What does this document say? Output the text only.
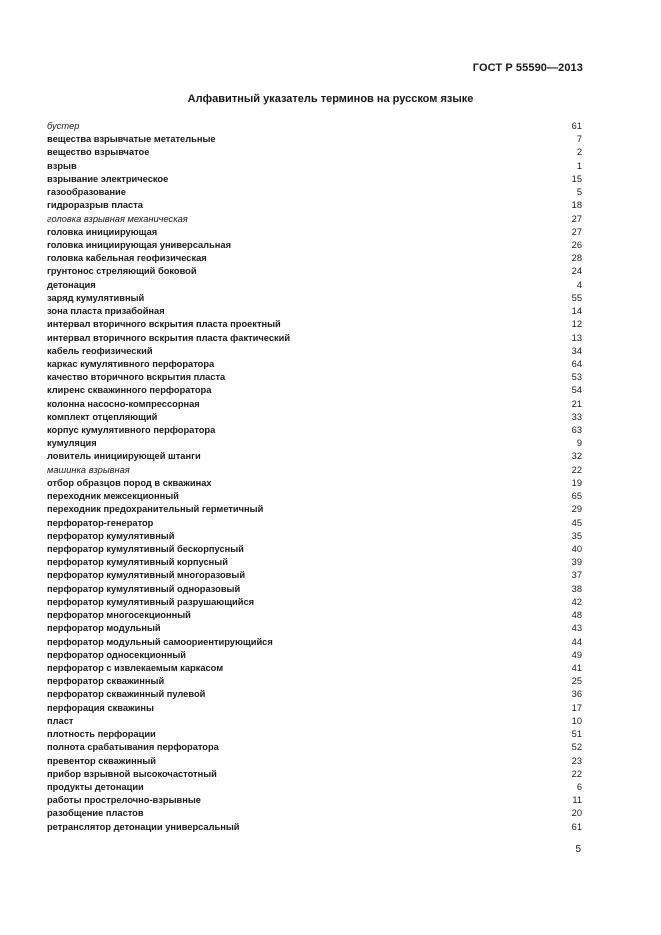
ГОСТ Р 55590—2013
Алфавитный указатель терминов на русском языке
бустер	61
вещества взрывчатые метательные	7
вещество взрывчатое	2
взрыв	1
взрывание электрическое	15
газообразование	5
гидроразрыв пласта	18
головка взрывная механическая	27
головка инициирующая	27
головка инициирующая универсальная	26
головка кабельная геофизическая	28
грунтонос стреляющий боковой	24
детонация	4
заряд кумулятивный	55
зона пласта призабойная	14
интервал вторичного вскрытия пласта проектный	12
интервал вторичного вскрытия пласта фактический	13
кабель геофизический	34
каркас кумулятивного перфоратора	64
качество вторичного вскрытия пласта	53
клиренс скважинного перфоратора	54
колонна насосно-компрессорная	21
комплект отцепляющий	33
корпус кумулятивного перфоратора	63
кумуляция	9
ловитель инициирующей штанги	32
машинка взрывная	22
отбор образцов пород в скважинах	19
переходник межсекционный	65
переходник предохранительный герметичный	29
перфоратор-генератор	45
перфоратор кумулятивный	35
перфоратор кумулятивный бескорпусный	40
перфоратор кумулятивный корпусный	39
перфоратор кумулятивный многоразовый	37
перфоратор кумулятивный одноразовый	38
перфоратор кумулятивный разрушающийся	42
перфоратор многосекционный	48
перфоратор модульный	43
перфоратор модульный самоориентирующийся	44
перфоратор односекционный	49
перфоратор с извлекаемым каркасом	41
перфоратор скважинный	25
перфоратор скважинный пулевой	36
перфорация скважины	17
пласт	10
плотность перфорации	51
полнота срабатывания перфоратора	52
превентор скважинный	23
прибор взрывной высокочастотный	22
продукты детонации	6
работы прострелочно-взрывные	11
разобщение пластов	20
ретранслятор детонации универсальный	61
5
